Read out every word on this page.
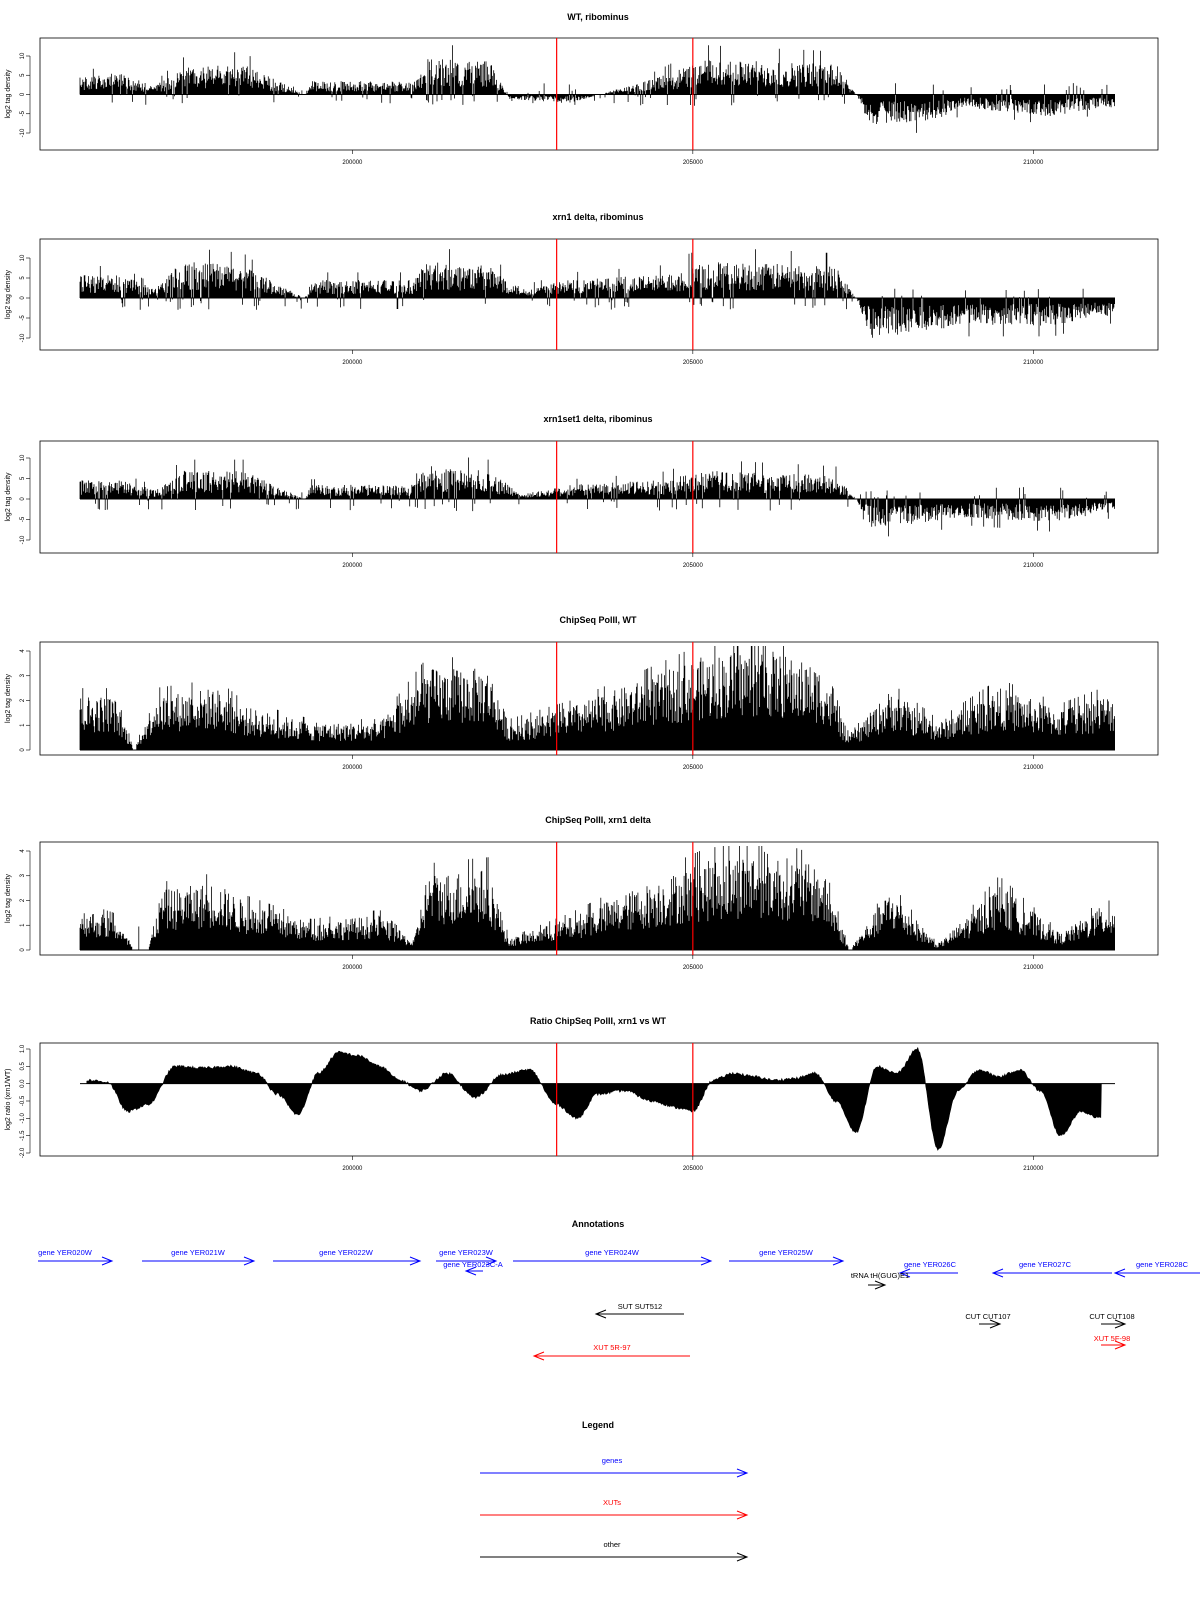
WT, ribominus
-10
-5
0
5
10
log2 tag density
200000	205000	210000
xrn1 delta, ribominus
-10
-5
0
5
10
log2 tag density
200000	205000	210000
xrn1set1 delta, ribominus
-10
-5
0
5
10
log2 tag density
200000	205000	210000
ChipSeq PolII, WT
0
1
2
3
4
log2 tag density
200000	205000	210000
ChipSeq PolII, xrn1 delta
0
1
2
3
4
log2 tag density
200000	205000	210000
Ratio ChipSeq PolII, xrn1 vs WT
-2.0
-1.5
-1.0
-0.5
0.0
0.5
1.0
log2 ratio (xrn1/WT)
200000	205000	210000
Annotations
gene YER020W	gene YER021W	gene YER022W	gene YER023W
gene YER023C-A
gene YER024W	gene YER025W
gene YER026C	gene YER027C	gene YER028C
tRNA tH(GUG)E1
SUT SUT512
CUT CUT107	CUT CUT108
XUT 5R-97
XUT 5F-98
Legend
genes
XUTs
other
